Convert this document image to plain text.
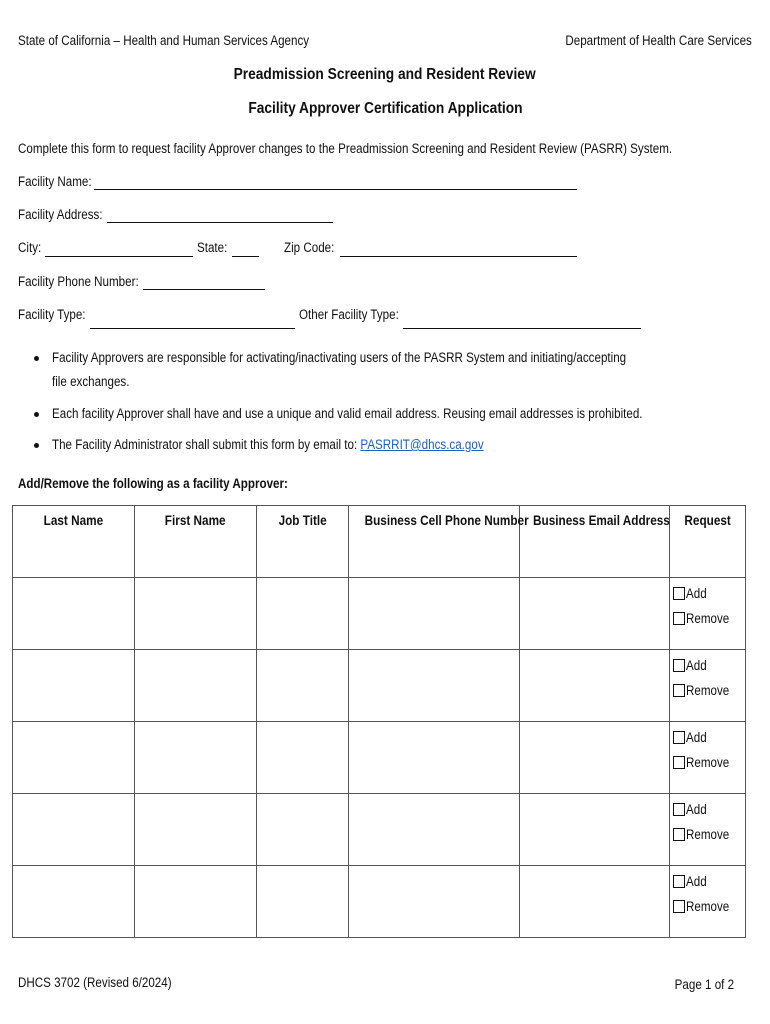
State of California – Health and Human Services Agency	Department of Health Care Services
Preadmission Screening and Resident Review
Facility Approver Certification Application
Complete this form to request facility Approver changes to the Preadmission Screening and Resident Review (PASRR) System.
Facility Name:
Facility Address:
City:	State:	Zip Code:
Facility Phone Number:
Facility Type:	Other Facility Type:
Facility Approvers are responsible for activating/inactivating users of the PASRR System and initiating/accepting
file exchanges.
Each facility Approver shall have and use a unique and valid email address. Reusing email addresses is prohibited.
The Facility Administrator shall submit this form by email to: PASRRIT@dhcs.ca.gov
Add/Remove the following as a facility Approver:
Last Name	First Name	Job Title	Business Cell Phone Number	Business Email Address	Request

					Add
Remove

					Add
Remove

					Add
Remove

					Add
Remove

					Add
Remove
DHCS 3702 (Revised 6/2024)	Page 1 of 2
